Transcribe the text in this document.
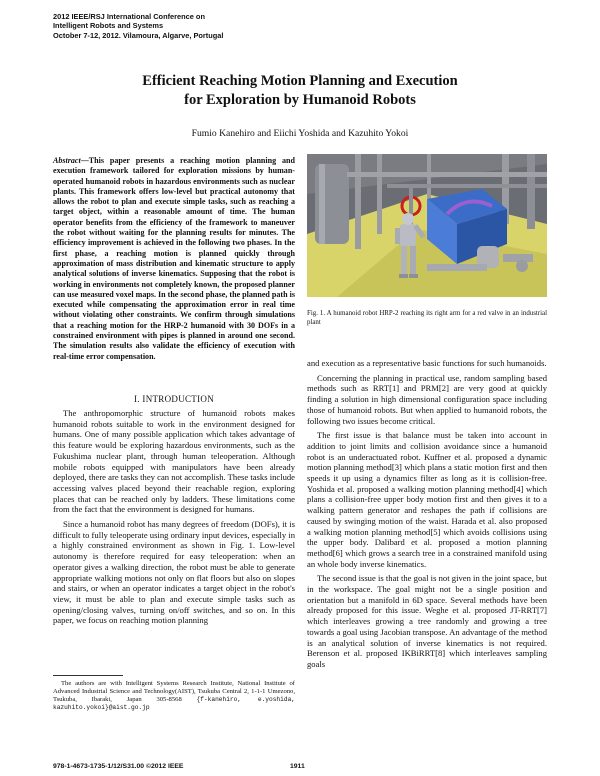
2012 IEEE/RSJ International Conference on
Intelligent Robots and Systems
October 7-12, 2012. Vilamoura, Algarve, Portugal
Efficient Reaching Motion Planning and Execution
for Exploration by Humanoid Robots
Fumio Kanehiro and Eiichi Yoshida and Kazuhito Yokoi
Abstract—This paper presents a reaching motion planning and execution framework tailored for exploration missions by human-operated humanoid robots in hazardous environments such as nuclear plants. This framework offers low-level but practical autonomy that allows the robot to plan and execute simple tasks, such as reaching a target object, within a reasonable amount of time. The human operator benefits from the efficiency of the framework to maneuver the robot without waiting for the planning results for minutes. The efficiency improvement is achieved in the following two phases. In the first phase, a reaching motion is planned quickly through approximation of mass distribution and kinematic structure to apply analytical solutions of inverse kinematics. Supposing that the robot is working in environments not completely known, the proposed planner can use measured voxel maps. In the second phase, the planned path is executed while compensating the approximation error in real time without violating other constraints. We confirm through simulations that a reaching motion for the HRP-2 humanoid with 30 DOFs in a constrained environment with pipes is planned in around one second. The simulation results also validate the efficiency of execution with real-time error compensation.
I. INTRODUCTION

The anthropomorphic structure of humanoid robots makes humanoid robots suitable to work in the environment designed for humans. One of many possible application which takes advantage of this feature would be exploring hazardous environments, such as the Fukushima nuclear plant, through human teleoperation. Although mobile robots equipped with manipulators have been already deployed, there are tasks they can not accomplish. These tasks include accessing valves placed beyond their reachable region, exploring places that can be reached only by ladders. These limitations come from the fact that the environment is designed for humans.

Since a humanoid robot has many degrees of freedom (DOFs), it is difficult to fully teleoperate using ordinary input devices, especially in a highly constrained environment as shown in Fig. 1. Low-level autonomy is therefore required for easy teleoperation: when an operator gives a walking direction, the robot must be able to generate appropriate walking motions not only on flat floors but also on slopes and stairs, or when an operator indicates a target object in the robot's view, it must be able to plan and execute simple tasks such as opening/closing valves, turning on/off switches, and so on. In this paper, we focus on reaching motion planning

The authors are with Intelligent Systems Research Institute, National Institute of Advanced Industrial Science and Technology(AIST), Tsukuba Central 2, 1-1-1 Umezono, Tsukuba, Ibaraki, Japan 305-8568 {f-kanehiro, e.yoshida, kazuhito.yokoi}@aist.go.jp
Fig. 1. A humanoid robot HRP-2 reaching its right arm for a red valve in an industrial plant

and execution as a representative basic functions for such humanoids.

Concerning the planning in practical use, random sampling based methods such as RRT[1] and PRM[2] are very good at quickly finding a solution in high dimensional configuration space including those of humanoid robots. But when applied to humanoid robots, the following two issues become critical.

The first issue is that balance must be taken into account in addition to joint limits and collision avoidance since a humanoid robot is an underactuated robot. Kuffner et al. proposed a dynamic motion planning method[3] which plans a static motion first and then speeds it up using a dynamics filter as long as it is collision-free. Yoshida et al. proposed a walking motion planning method[4] which plans a collision-free upper body motion first and then gives it to a walking pattern generator and reshapes the path if collisions are caused by swinging motion of the waist. Harada et al. also proposed a walking motion planning method[5] which avoids collisions using the upper body. Dalibard et al. proposed a motion planning method[6] which grows a search tree in a constrained manifold using an whole body inverse kinematics.

The second issue is that the goal is not given in the joint space, but in the workspace. The goal might not be a single position and orientation but a manifold in 6D space. Several methods have been already proposed for this issue. Weghe et al. proposed JT-RRT[7] which interleaves growing a tree randomly and growing a tree towards a goal using Jacobian transpose. An advantage of the method is an analytical solution of inverse kinematics is not required. Berenson et al. proposed IKBiRRT[8] which interleaves sampling goals

978-1-4673-1735-1/12/S31.00 ©2012 IEEE	1911
